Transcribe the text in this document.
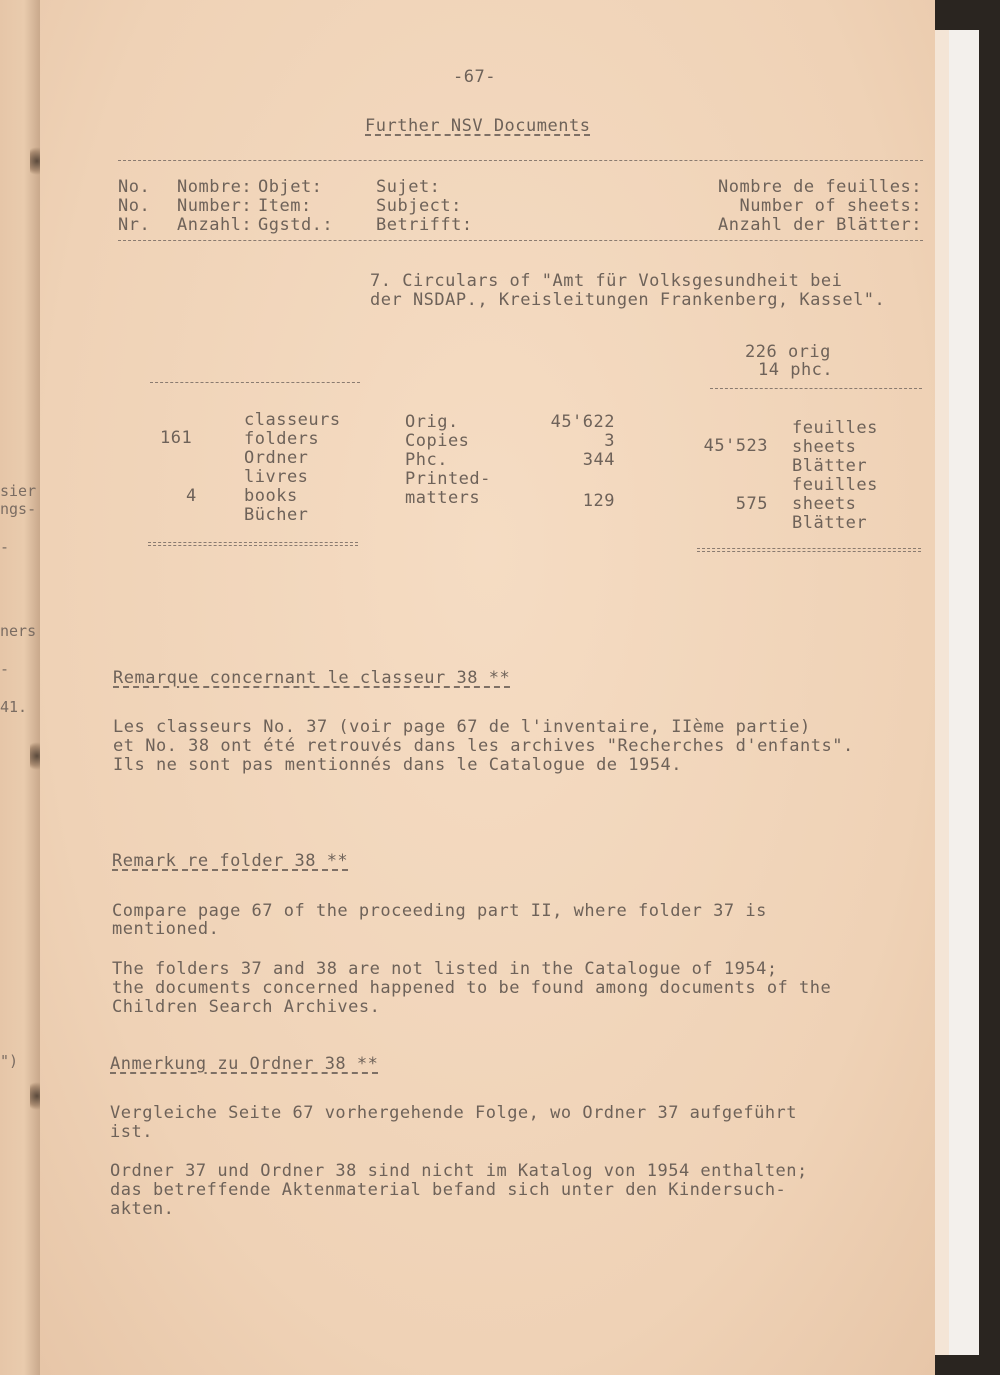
sier
ngs-
-
ners
-
41.
")
-67-
Further NSV Documents
No.
No.
Nr.
Nombre:
Number:
Anzahl:
Objet:
Item:
Ggstd.:
Sujet:
Subject:
Betrifft:
Nombre de feuilles:
Number of sheets:
Anzahl der Blätter:
7. Circulars of "Amt für Volksgesundheit bei
der NSDAP., Kreisleitungen Frankenberg, Kassel".
226 orig
14 phc.
161
4
classeurs
folders
Ordner
livres
books
Bücher
Orig.
Copies
Phc.
Printed-
matters
45'622
3
344
129
45'523
575
feuilles
sheets
Blätter
feuilles
sheets
Blätter
Remarque concernant le classeur 38 **
Les classeurs No. 37 (voir page 67 de l'inventaire, IIème partie)
et No. 38 ont été retrouvés dans les archives "Recherches d'enfants".
Ils ne sont pas mentionnés dans le Catalogue de 1954.
Remark re folder 38 **
Compare page 67 of the proceeding part II, where folder 37 is
mentioned.
The folders 37 and 38 are not listed in the Catalogue of 1954;
the documents concerned happened to be found among documents of the
Children Search Archives.
Anmerkung zu Ordner 38 **
Vergleiche Seite 67 vorhergehende Folge, wo Ordner 37 aufgeführt
ist.
Ordner 37 und Ordner 38 sind nicht im Katalog von 1954 enthalten;
das betreffende Aktenmaterial befand sich unter den Kindersuch-
akten.
